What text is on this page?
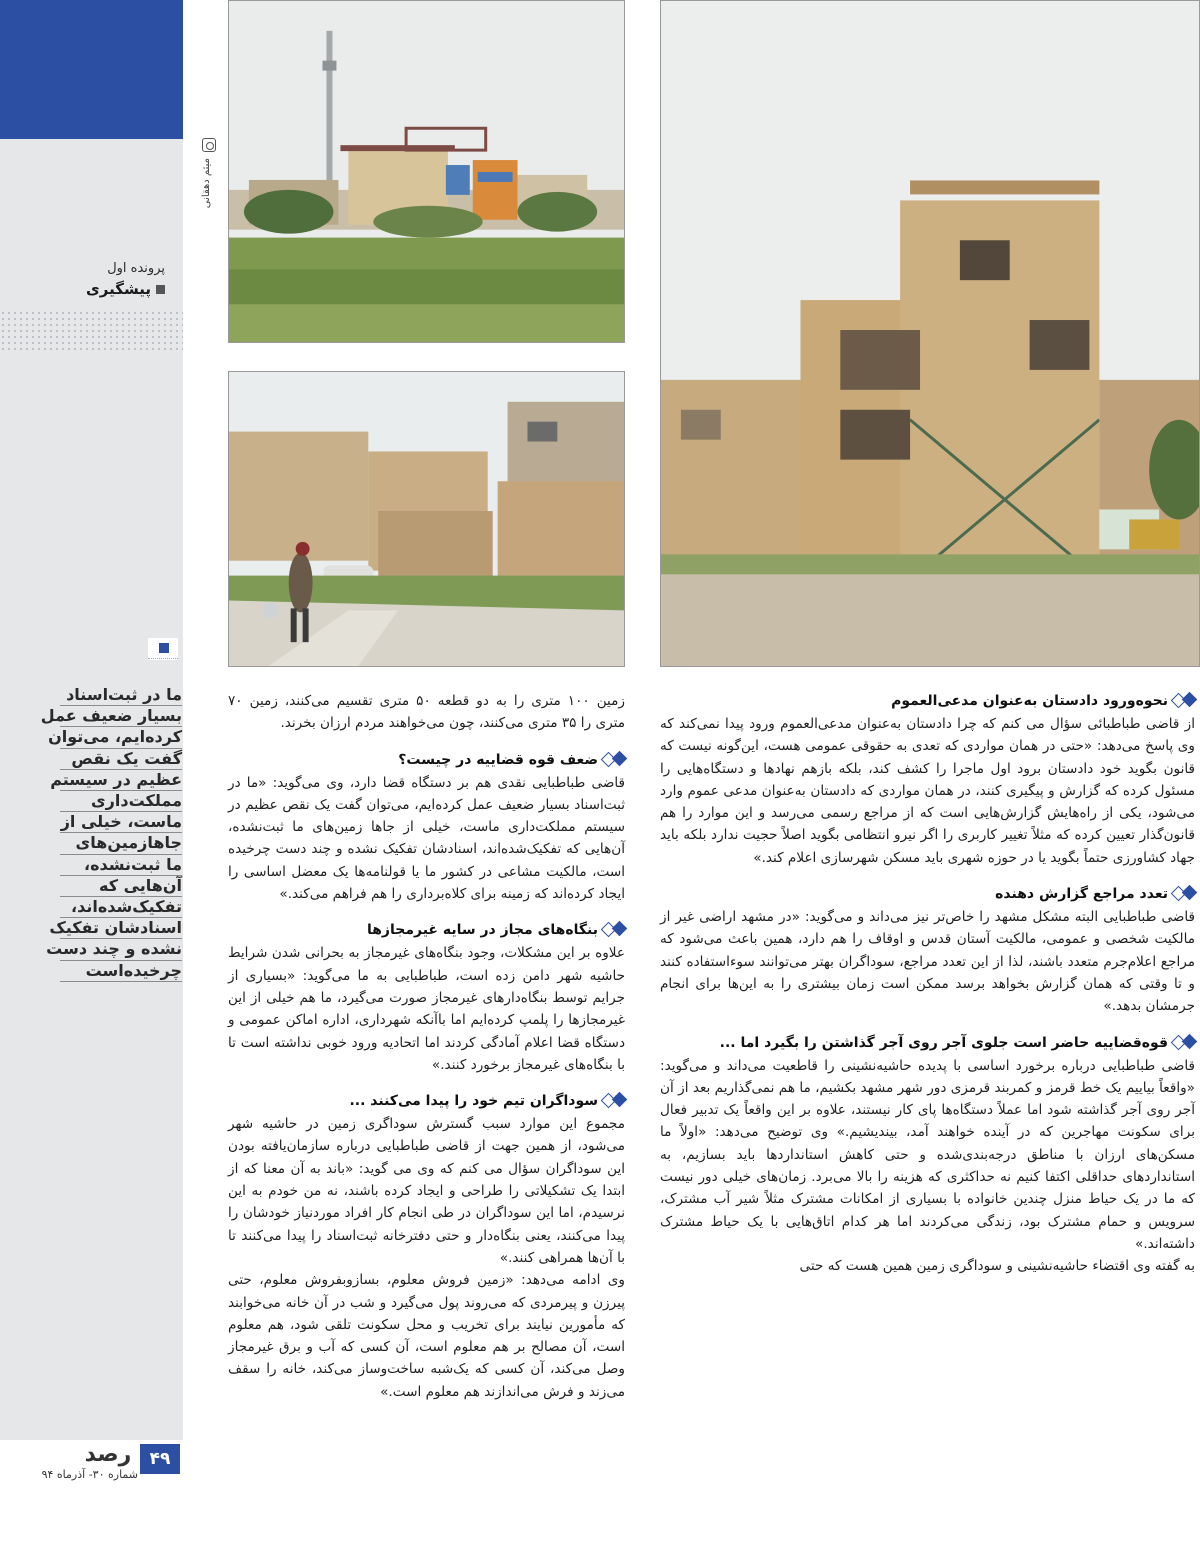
پرونده اول
پیشگیری
ما در ثبت‌اسناد
بسیار ضعیف عمل
کرده‌ایم، می‌توان
گفت یک نقص
عظیم در سیستم
مملکت‌داری
ماست، خیلی از
جاهازمین‌های
ما ثبت‌نشده،
آن‌هایی که
تفکیک‌شده‌اند،
اسنادشان تفکیک
نشده و چند دست
چرخیده‌است
۴۹
رصد
شماره ۳۰- آذرماه ۹۴
میثم دهقانی
نحوه‌ورود دادستان به‌عنوان مدعی‌العموم

از قاضی طباطبائی سؤال می کنم که چرا دادستان به‌عنوان مدعی‌العموم ورود پیدا نمی‌کند که وی پاسخ می‌دهد: «حتی در همان مواردی که تعدی به حقوقی عمومی هست، این‌گونه نیست که قانون بگوید خود دادستان برود اول ماجرا را کشف کند، بلکه بازهم نهادها و دستگاه‌هایی را مسئول کرده که گزارش و پیگیری کنند، در همان مواردی که دادستان به‌عنوان مدعی عموم وارد می‌شود، یکی از راه‌هایش گزارش‌هایی است که از مراجع رسمی می‌رسد و این موارد را هم قانون‌گذار تعیین کرده که مثلاً تغییر کاربری را اگر نیرو انتظامی بگوید اصلاً حجیت ندارد بلکه باید جهاد کشاورزی حتماً بگوید یا در حوزه شهری باید مسکن شهرسازی اعلام کند.»

تعدد مراجع گزارش دهنده

قاضی طباطبایی البته مشکل مشهد را خاص‌تر نیز می‌داند و می‌گوید: «در مشهد اراضی غیر از مالکیت شخصی و عمومی، مالکیت آستان قدس و اوقاف را هم دارد، همین باعث می‌شود که مراجع اعلام‌جرم متعدد باشند، لذا از این تعدد مراجع، سوداگران بهتر می‌توانند سوءاستفاده کنند و تا وقتی که همان گزارش بخواهد برسد ممکن است زمان بیشتری را به این‌ها برای انجام جرمشان بدهد.»

قوه‌قضاییه حاضر است جلوی آجر روی آجر گذاشتن را بگیرد اما ...

قاضی طباطبایی درباره برخورد اساسی با پدیده حاشیه‌نشینی را قاطعیت می‌داند و می‌گوید: «واقعاً بیاییم یک خط قرمز و کمربند قرمزی دور شهر مشهد بکشیم، ما هم نمی‌گذاریم بعد از آن آجر روی آجر گذاشته شود اما عملاً دستگاه‌ها پای کار نیستند، علاوه بر این واقعاً یک تدبیر فعال برای سکونت مهاجرین که در آینده خواهند آمد، بیندیشیم.» وی توضیح می‌دهد: «اولاً ما مسکن‌های ارزان با مناطق درجه‌بندی‌شده و حتی کاهش استانداردها باید بسازیم، به استانداردهای حداقلی اکتفا کنیم نه حداکثری که هزینه را بالا می‌برد. زمان‌های خیلی دور نیست که ما در یک حیاط منزل چندین خانواده با بسیاری از امکانات مشترک مثلاً شیر آب مشترک، سرویس و حمام مشترک بود، زندگی می‌کردند اما هر کدام اتاق‌هایی با یک حیاط مشترک داشته‌اند.»

به گفته وی اقتضاء حاشیه‌نشینی و سوداگری زمین همین هست که حتی

زمین ۱۰۰ متری را به دو قطعه ۵۰ متری تقسیم می‌کنند، زمین ۷۰ متری را ۳۵ متری می‌کنند، چون می‌خواهند مردم ارزان بخرند.

ضعف قوه قضاییه در چیست؟

قاضی طباطبایی نقدی هم بر دستگاه قضا دارد، وی می‌گوید: «ما در ثبت‌اسناد بسیار ضعیف عمل کرده‌ایم، می‌توان گفت یک نقص عظیم در سیستم مملکت‌داری ماست، خیلی از جاها زمین‌های ما ثبت‌نشده، آن‌هایی که تفکیک‌شده‌اند، اسنادشان تفکیک نشده و چند دست چرخیده است، مالکیت مشاعی در کشور ما یا قولنامه‌ها یک معضل اساسی را ایجاد کرده‌اند که زمینه برای کلاه‌برداری را هم فراهم می‌کند.»

بنگاه‌های مجاز در سایه غیرمجازها

علاوه بر این مشکلات، وجود بنگاه‌های غیرمجاز به بحرانی شدن شرایط حاشیه شهر دامن زده است، طباطبایی به ما می‌گوید: «بسیاری از جرایم توسط بنگاه‌دارهای غیرمجاز صورت می‌گیرد، ما هم خیلی از این غیرمجازها را پلمپ کرده‌ایم اما باآنکه شهرداری، اداره اماکن عمومی و دستگاه قضا اعلام آمادگی کردند اما اتحادیه ورود خوبی نداشته است تا با بنگاه‌های غیرمجاز برخورد کنند.»

سوداگران تیم خود را پیدا می‌کنند ...

مجموع این موارد سبب گسترش سوداگری زمین در حاشیه شهر می‌شود، از همین جهت از قاضی طباطبایی درباره سازمان‌یافته بودن این سوداگران سؤال می کنم که وی می گوید: «باند به آن معنا که از ابتدا یک تشکیلاتی را طراحی و ایجاد کرده باشند، نه من خودم به این نرسیدم، اما این سوداگران در طی انجام کار افراد موردنیاز خودشان را پیدا می‌کنند، یعنی بنگاه‌دار و حتی دفترخانه ثبت‌اسناد را پیدا می‌کنند تا با آن‌ها همراهی کنند.»

وی ادامه می‌دهد: «زمین فروش معلوم، بسازوبفروش معلوم، حتی پیرزن و پیرمردی که می‌روند پول می‌گیرد و شب در آن خانه می‌خوابند که مأمورین نیایند برای تخریب و محل سکونت تلقی شود، هم معلوم است، آن مصالح بر هم معلوم است، آن کسی که آب و برق غیرمجاز وصل می‌کند، آن کسی که یک‌شبه ساخت‌وساز می‌کند، خانه را سقف می‌زند و فرش می‌اندازند هم معلوم است.»
